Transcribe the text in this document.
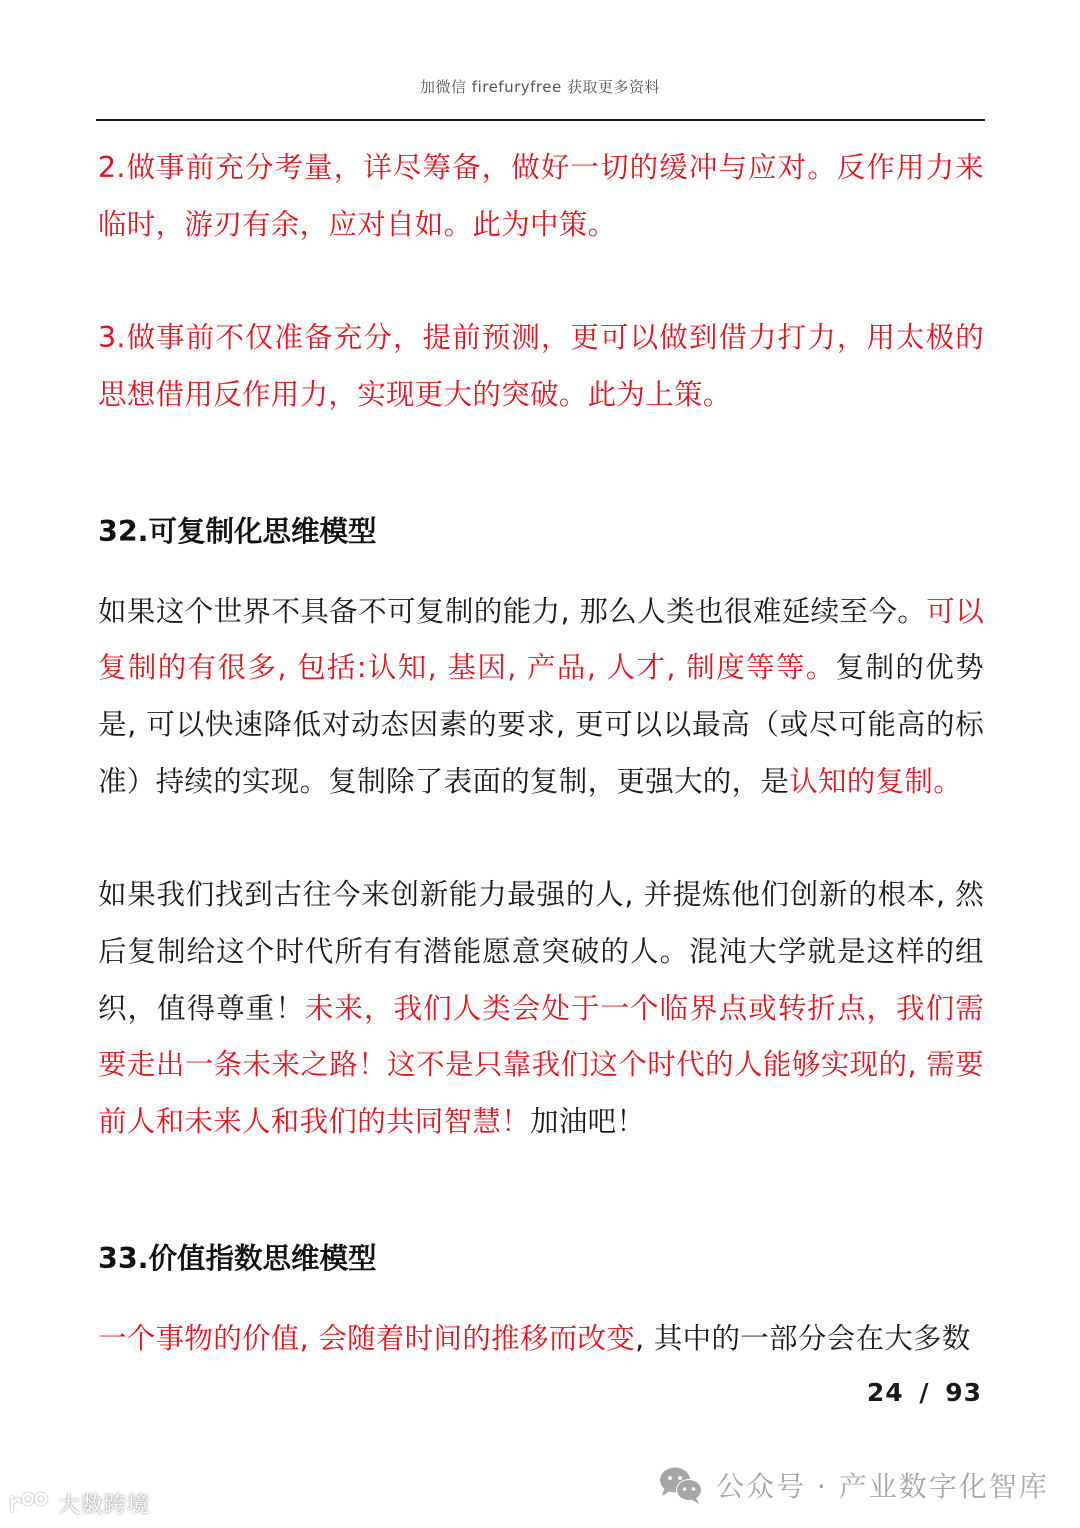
加微信 firefuryfree 获取更多资料

2.做事前充分考量，详尽筹备，做好一切的缓冲与应对。反作用力来临时，游刃有余，应对自如。此为中策。

3.做事前不仅准备充分，提前预测，更可以做到借力打力，用太极的思想借用反作用力，实现更大的突破。此为上策。

32.可复制化思维模型

如果这个世界不具备不可复制的能力, 那么人类也很难延续至今。可以复制的有很多, 包括:认知, 基因, 产品, 人才, 制度等等。复制的优势是, 可以快速降低对动态因素的要求, 更可以以最高（或尽可能高的标准）持续的实现。复制除了表面的复制，更强大的，是认知的复制。

如果我们找到古往今来创新能力最强的人, 并提炼他们创新的根本, 然后复制给这个时代所有有潜能愿意突破的人。混沌大学就是这样的组织，值得尊重！未来，我们人类会处于一个临界点或转折点，我们需要走出一条未来之路！这不是只靠我们这个时代的人能够实现的, 需要前人和未来人和我们的共同智慧！加油吧！

33.价值指数思维模型

一个事物的价值, 会随着时间的推移而改变, 其中的一部分会在大多数

24 / 93
公众号 · 产业数字化智库
大数跨境
